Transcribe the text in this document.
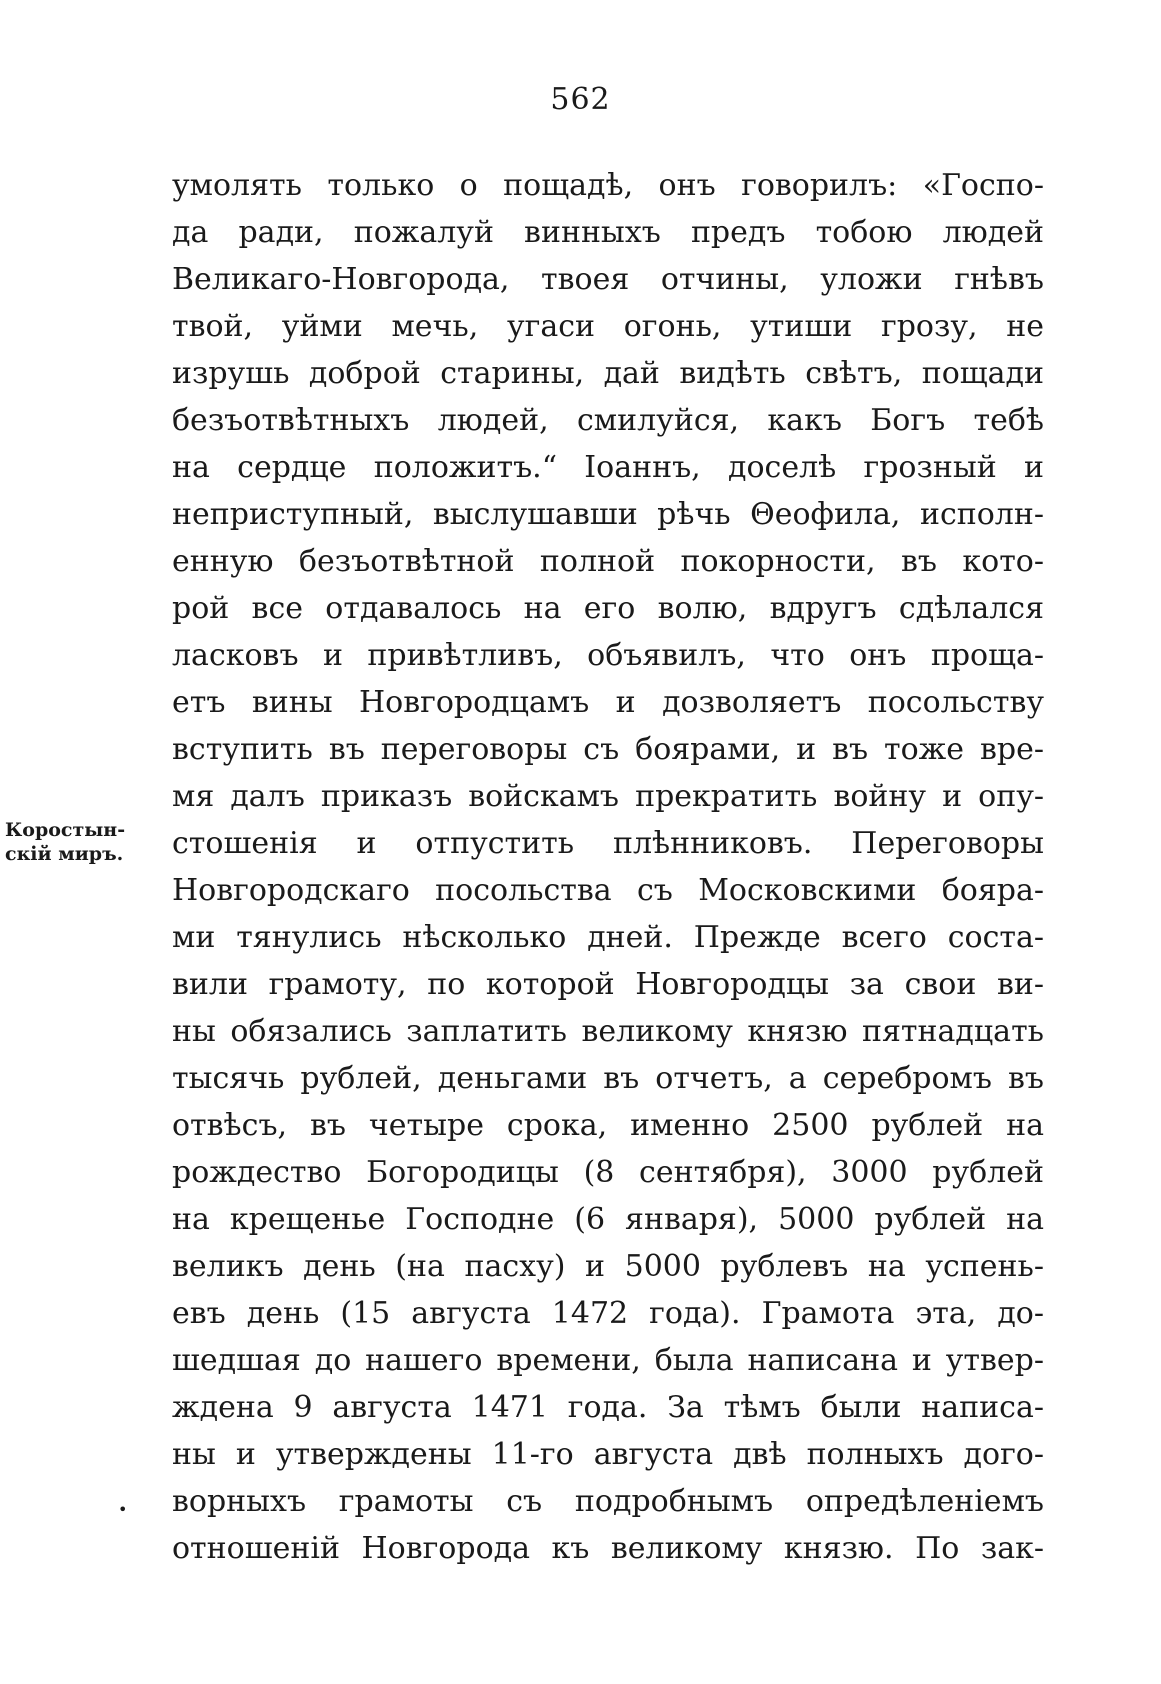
562
Коростын-
скій миръ.
умолять только о пощадѣ, онъ говорилъ: «Госпо-
да ради, пожалуй винныхъ предъ тобою людей
Великаго-Новгорода, твоея отчины, уложи гнѣвъ
твой, уйми мечь, угаси огонь, утиши грозу, не
изрушь доброй старины, дай видѣть свѣтъ, пощади
безъотвѣтныхъ людей, смилуйся, какъ Богъ тебѣ
на сердце положитъ.“ Іоаннъ, доселѣ грозный и
неприступный, выслушавши рѣчь Θеофила, исполн-
енную безъотвѣтной полной покорности, въ кото-
рой все отдавалось на его волю, вдругъ сдѣлался
ласковъ и привѣтливъ, объявилъ, что онъ проща-
етъ вины Новгородцамъ и дозволяетъ посольству
вступить въ переговоры съ боярами, и въ тоже вре-
мя далъ приказъ войскамъ прекратить войну и опу-
стошенія и отпустить плѣнниковъ. Переговоры
Новгородскаго посольства съ Московскими бояра-
ми тянулись нѣсколько дней. Прежде всего соста-
вили грамоту, по которой Новгородцы за свои ви-
ны обязались заплатить великому князю пятнадцать
тысячь рублей, деньгами въ отчетъ, а серебромъ въ
отвѣсъ, въ четыре срока, именно 2500 рублей на
рождество Богородицы (8 сентября), 3000 рублей
на крещенье Господне (6 января), 5000 рублей на
великъ день (на пасху) и 5000 рублевъ на успень-
евъ день (15 августа 1472 года). Грамота эта, до-
шедшая до нашего времени, была написана и утвер-
ждена 9 августа 1471 года. За тѣмъ были написа-
ны и утверждены 11-го августа двѣ полныхъ дого-
ворныхъ грамоты съ подробнымъ опредѣленіемъ
отношеній Новгорода къ великому князю. По зак-
•
